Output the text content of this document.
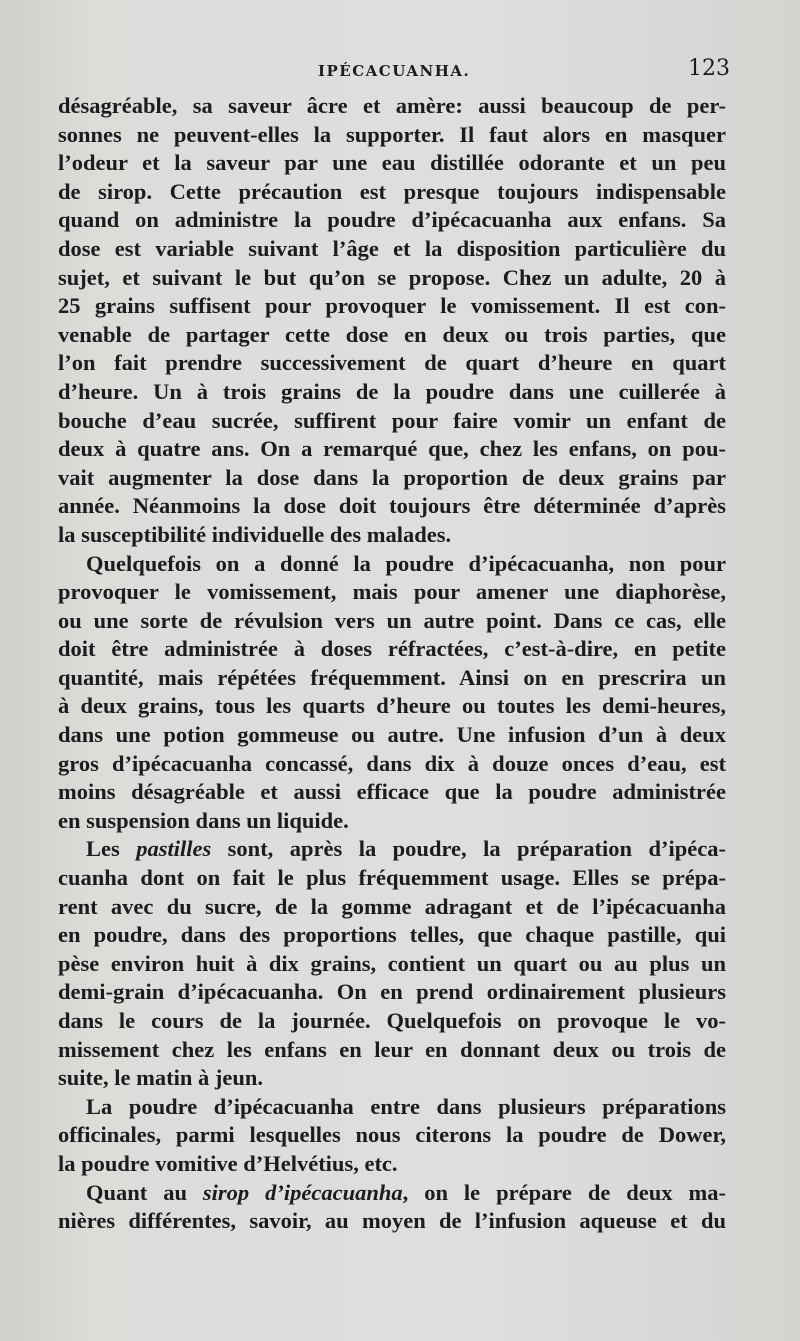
IPÉCACUANHA.	123
désagréable, sa saveur âcre et amère: aussi beaucoup de per-
sonnes ne peuvent-elles la supporter. Il faut alors en masquer
l’odeur et la saveur par une eau distillée odorante et un peu
de sirop. Cette précaution est presque toujours indispensable
quand on administre la poudre d’ipécacuanha aux enfans. Sa
dose est variable suivant l’âge et la disposition particulière du
sujet, et suivant le but qu’on se propose. Chez un adulte, 20 à
25 grains suffisent pour provoquer le vomissement. Il est con-
venable de partager cette dose en deux ou trois parties, que
l’on fait prendre successivement de quart d’heure en quart
d’heure. Un à trois grains de la poudre dans une cuillerée à
bouche d’eau sucrée, suffirent pour faire vomir un enfant de
deux à quatre ans. On a remarqué que, chez les enfans, on pou-
vait augmenter la dose dans la proportion de deux grains par
année. Néanmoins la dose doit toujours être déterminée d’après
la susceptibilité individuelle des malades.
Quelquefois on a donné la poudre d’ipécacuanha, non pour
provoquer le vomissement, mais pour amener une diaphorèse,
ou une sorte de révulsion vers un autre point. Dans ce cas, elle
doit être administrée à doses réfractées, c’est-à-dire, en petite
quantité, mais répétées fréquemment. Ainsi on en prescrira un
à deux grains, tous les quarts d’heure ou toutes les demi-heures,
dans une potion gommeuse ou autre. Une infusion d’un à deux
gros d’ipécacuanha concassé, dans dix à douze onces d’eau, est
moins désagréable et aussi efficace que la poudre administrée
en suspension dans un liquide.
Les pastilles sont, après la poudre, la préparation d’ipéca-
cuanha dont on fait le plus fréquemment usage. Elles se prépa-
rent avec du sucre, de la gomme adragant et de l’ipécacuanha
en poudre, dans des proportions telles, que chaque pastille, qui
pèse environ huit à dix grains, contient un quart ou au plus un
demi-grain d’ipécacuanha. On en prend ordinairement plusieurs
dans le cours de la journée. Quelquefois on provoque le vo-
missement chez les enfans en leur en donnant deux ou trois de
suite, le matin à jeun.
La poudre d’ipécacuanha entre dans plusieurs préparations
officinales, parmi lesquelles nous citerons la poudre de Dower,
la poudre vomitive d’Helvétius, etc.
Quant au sirop d’ipécacuanha, on le prépare de deux ma-
nières différentes, savoir, au moyen de l’infusion aqueuse et du
